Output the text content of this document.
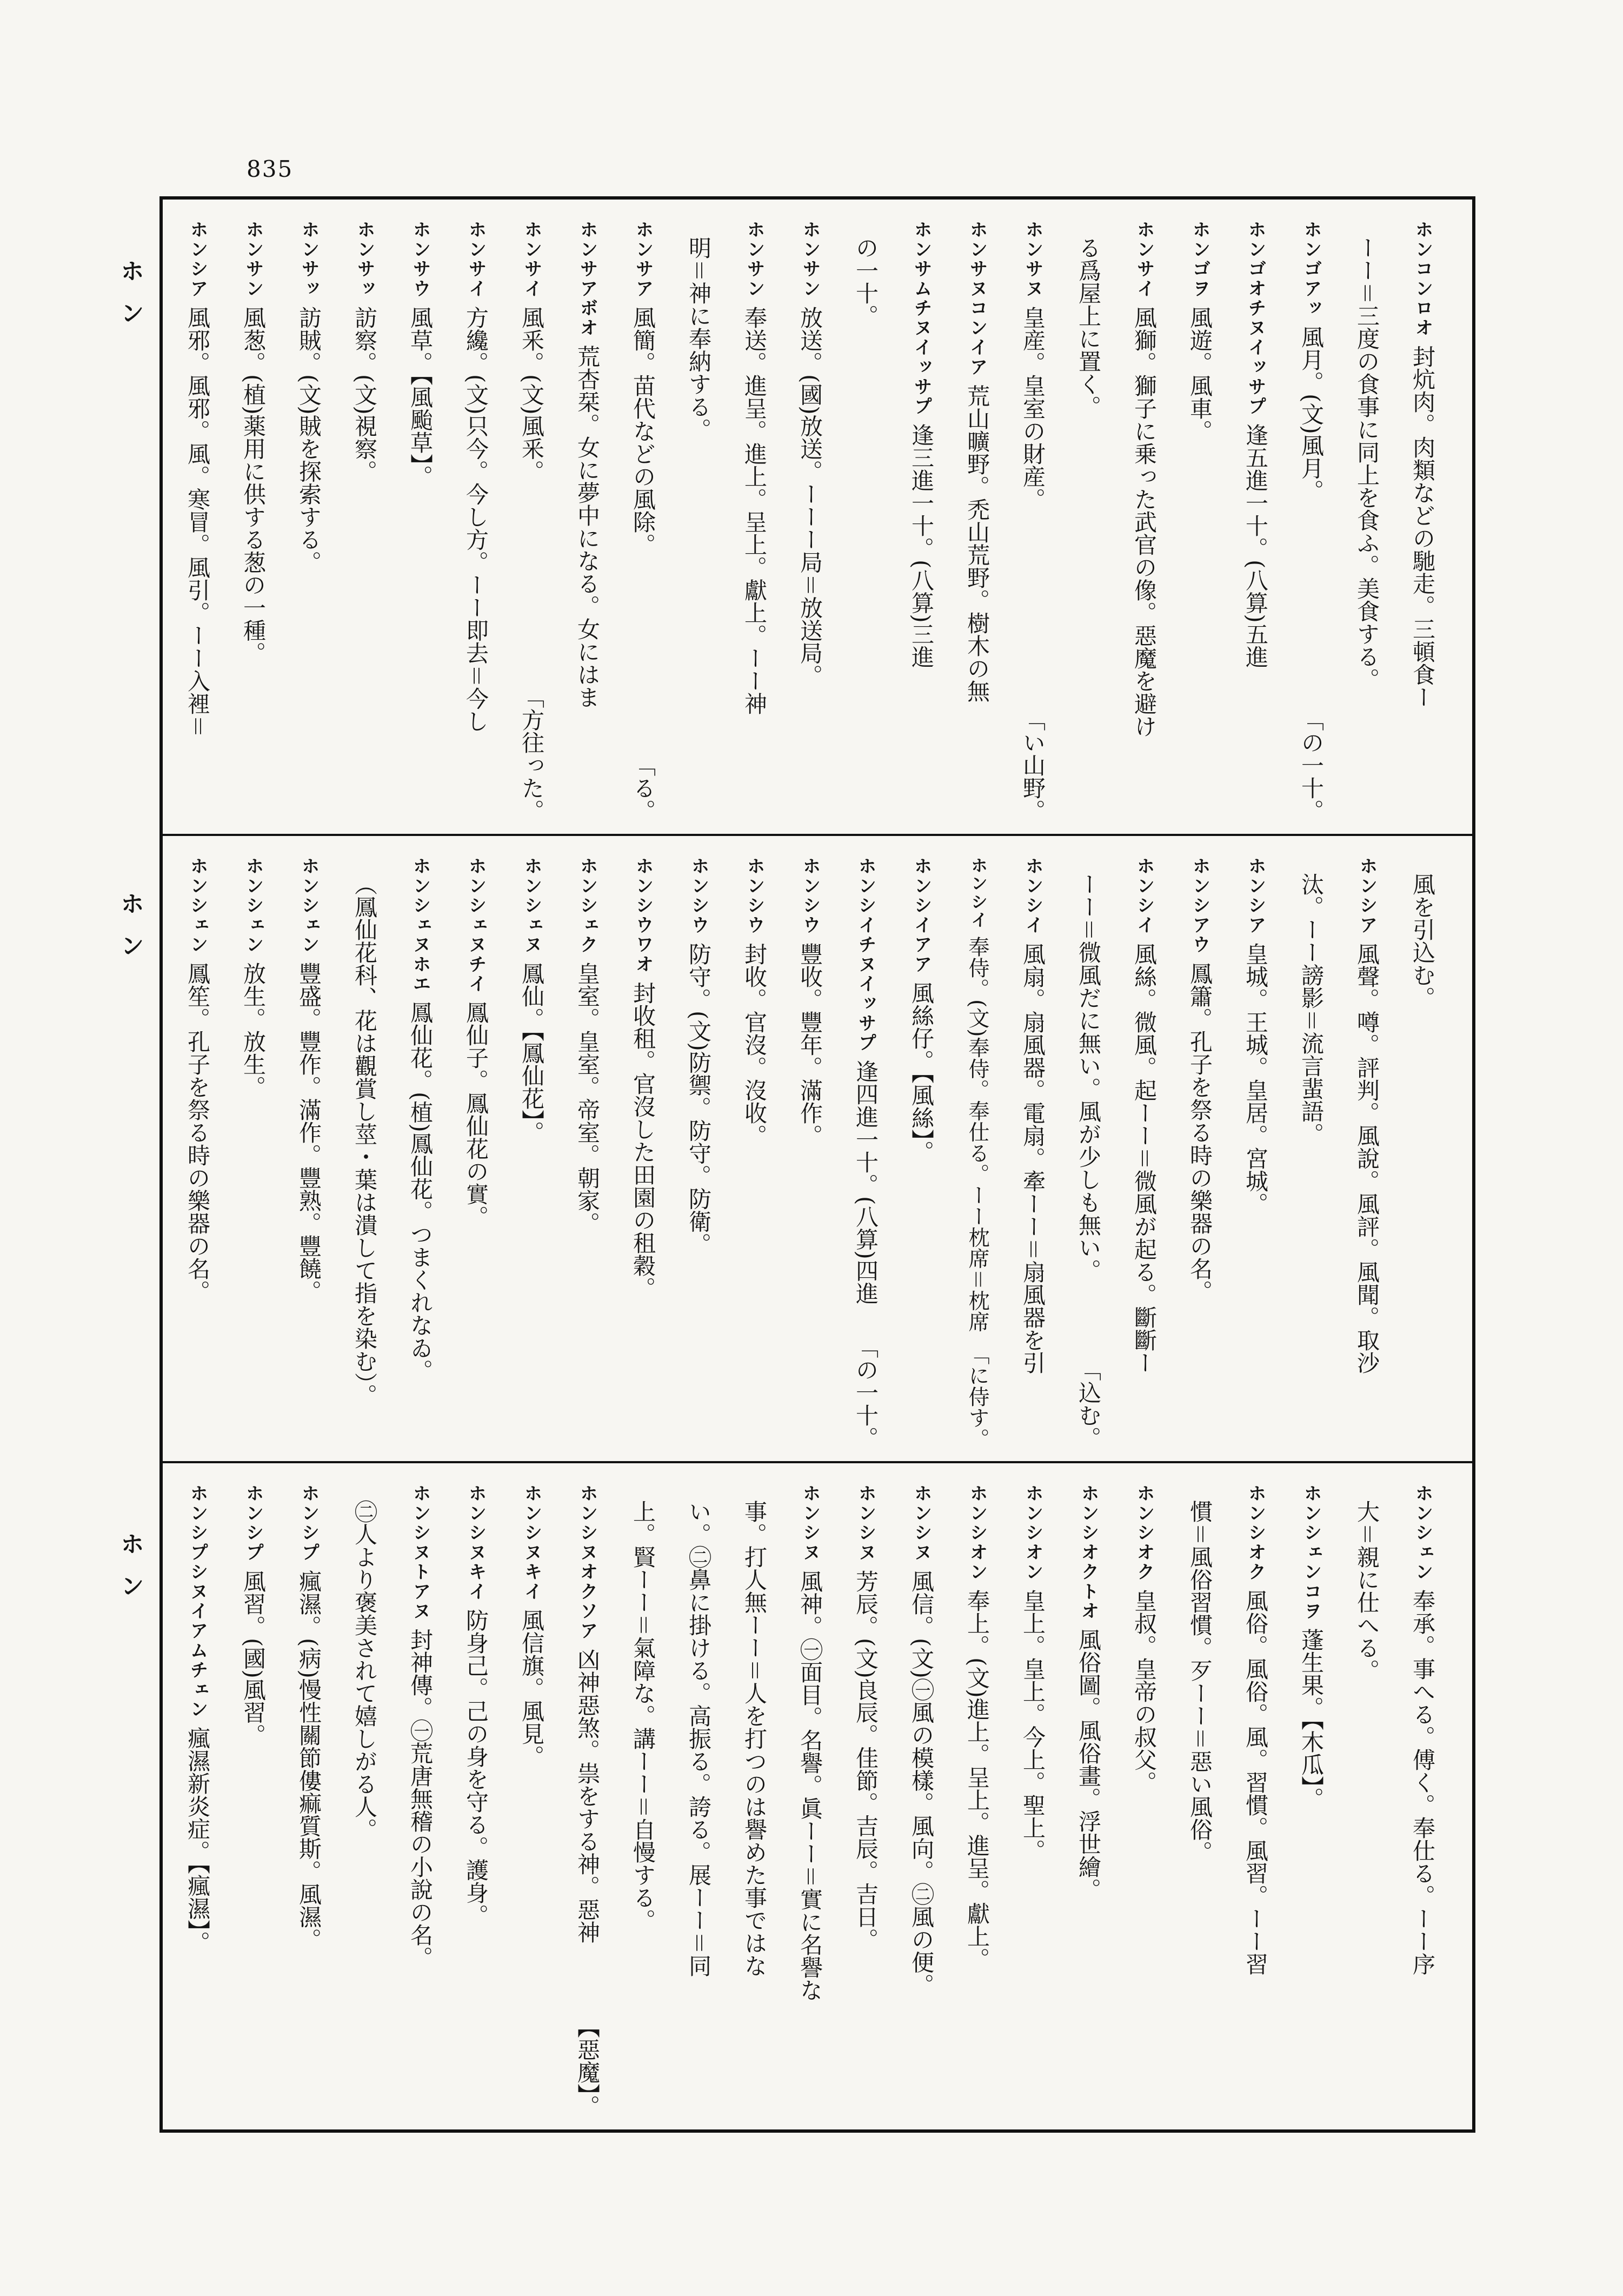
835
ホン
ホン
ホン
ホンコンロオ
封炕肉。肉類などの馳走。三頓食ー
ーー＝三度の食事に同上を食ふ。美食する。
ホンゴアッ
風月。(文)風月。
「の一十。
ホンゴオチヌイッサプ
逢五進一十。(八算)五進
ホンゴヲ
風遊。風車。
ホンサイ
風獅。獅子に乗った武官の像。惡魔を避け
る爲屋上に置く。
ホンサヌ
皇産。皇室の財産。
「い山野。
ホンサヌコンイア
荒山曠野。禿山荒野。樹木の無
ホンサムチヌイッサプ
逢三進一十。(八算)三進
の一十。
ホンサン
放送。(國)放送。ーーー局＝放送局。
ホンサン
奉送。進呈。進上。呈上。獻上。ーー神
明＝神に奉納する。
ホンサア
風簡。苗代などの風除。
「る。
ホンサアボオ
荒杏栞。女に夢中になる。女にはま
ホンサイ
風釆。(文)風釆。
「方往った。
ホンサイ
方纔。(文)只今。今し方。ーー即去＝今し
ホンサウ
風草。【風颱草】。
ホンサッ
訪察。(文)視察。
ホンサッ
訪賊。(文)賊を探索する。
ホンサン
風葱。(植)薬用に供する葱の一種。
ホンシア
風邪。風邪。風。寒冒。風引。ーー入裡＝
風を引込む。
ホンシア
風聲。噂。評判。風說。風評。風聞。取沙
汰。ーー謗影＝流言蜚語。
ホンシア
皇城。王城。皇居。宮城。
ホンシアウ
鳳簫。孔子を祭る時の樂器の名。
ホンシイ
風絲。微風。起ーー＝微風が起る。斷斷ー
ーー＝微風だに無い。風が少しも無い。
「込む。
ホンシイ
風扇。扇風器。電扇。牽ーー＝扇風器を引
ホンシイ
奉侍。(文)奉侍。奉仕る。ーー枕席＝枕席
「に侍す。
ホンシイアア
風絲仔。【風絲】。
ホンシイチヌイッサプ
逢四進一十。(八算)四進
「の一十。
ホンシウ
豐收。豐年。滿作。
ホンシウ
封收。官沒。沒收。
ホンシウ
防守。(文)防禦。防守。防衛。
ホンシウワオ
封收租。官沒した田園の租穀。
ホンシェク
皇室。皇室。帝室。朝家。
ホンシェヌ
鳳仙。【鳳仙花】。
ホンシェヌチイ
鳳仙子。鳳仙花の實。
ホンシェヌホエ
鳳仙花。(植)鳳仙花。つまくれなゐ。
（鳳仙花科、花は觀賞し莖・葉は潰して指を染む）。
ホンシェン
豐盛。豐作。滿作。豐熟。豐饒。
ホンシェン
放生。放生。
ホンシェン
鳳笙。孔子を祭る時の樂器の名。
ホンシェン
奉承。事へる。傅く。奉仕る。ーー序
大＝親に仕へる。
ホンシェンコヲ
蓬生果。【木瓜】。
ホンシオク
風俗。風俗。風。習慣。風習。ーー習
慣＝風俗習慣。歹ーー＝惡い風俗。
ホンシオク
皇叔。皇帝の叔父。
ホンシオクトオ
風俗圖。風俗畫。浮世繪。
ホンシオン
皇上。皇上。今上。聖上。
ホンシオン
奉上。(文)進上。呈上。進呈。獻上。
ホンシヌ
風信。(文)㊀風の模樣。風向。㊁風の便。
ホンシヌ
芳辰。(文)良辰。佳節。吉辰。吉日。
ホンシヌ
風神。㊀面目。名譽。眞ーー＝實に名譽な
事。打人無ーー＝人を打つのは譽めた事ではな
い。㊁鼻に掛ける。高振る。誇る。展ーー＝同
上。賢ーー＝氣障な。講ーー＝自慢する。
ホンシヌオクソア
凶神惡煞。祟をする神。惡神
【惡魔】。
ホンシヌキイ
風信旗。風見。
ホンシヌキイ
防身己。己の身を守る。護身。
ホンシヌトアヌ
封神傳。㊀荒唐無稽の小說の名。
㊁人より褒美されて嬉しがる人。
ホンシプ
瘋濕。(病)慢性關節僂痲質斯。風濕。
ホンシプ
風習。(國)風習。
ホンシプシヌイアムチェン
瘋濕新炎症。【瘋濕】。
